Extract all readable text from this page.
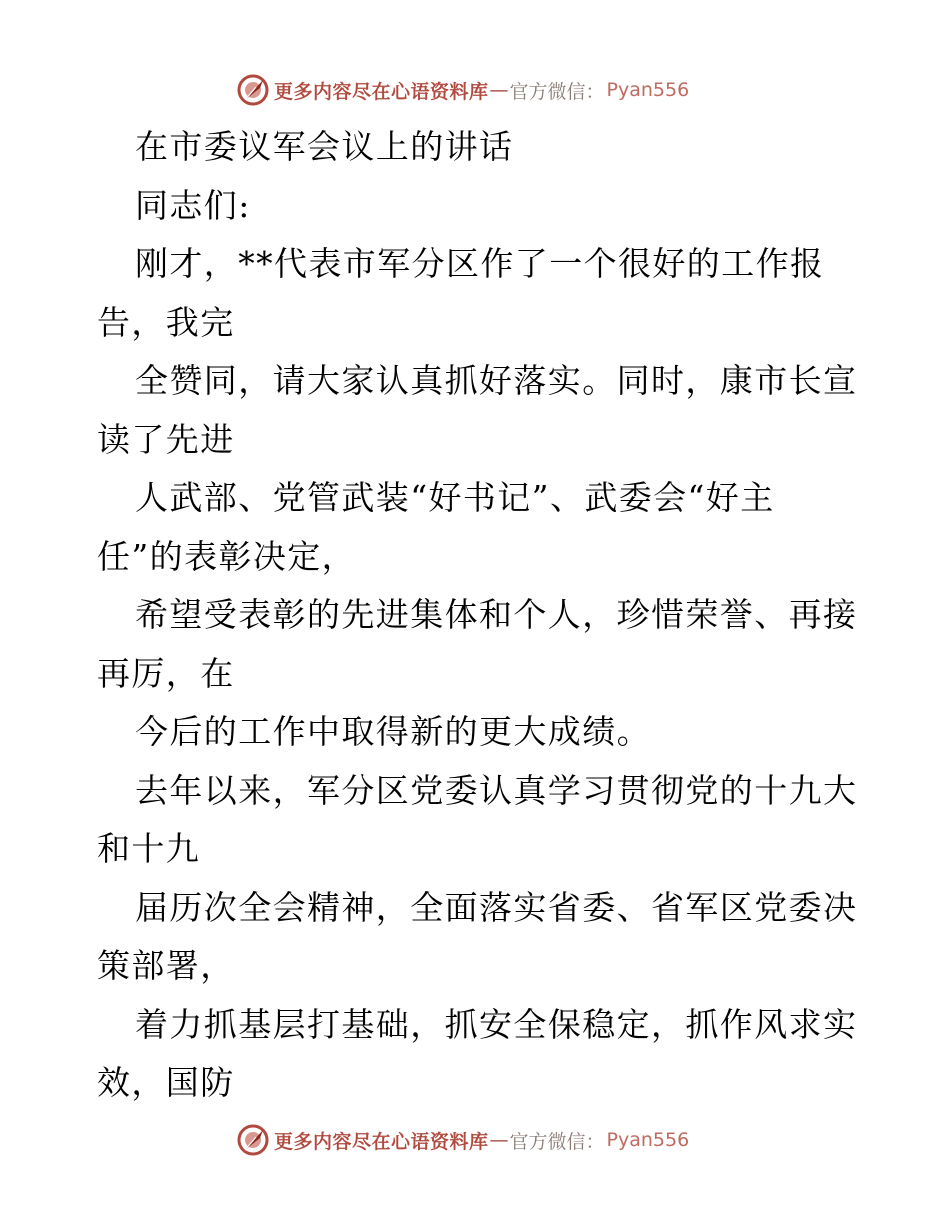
更多内容尽在心语资料库 — 官方微信： Pyan556
在市委议军会议上的讲话
同志们:
刚才，**代表市军分区作了一个很好的工作报
告，我完
全赞同，请大家认真抓好落实。同时，康市长宣
读了先进
人武部、党管武装“好书记”、武委会“好主
任”的表彰决定，
希望受表彰的先进集体和个人，珍惜荣誉、再接
再厉，在
今后的工作中取得新的更大成绩。
去年以来，军分区党委认真学习贯彻党的十九大
和十九
届历次全会精神，全面落实省委、省军区党委决
策部署，
着力抓基层打基础，抓安全保稳定，抓作风求实
效，国防
更多内容尽在心语资料库 — 官方微信： Pyan556
